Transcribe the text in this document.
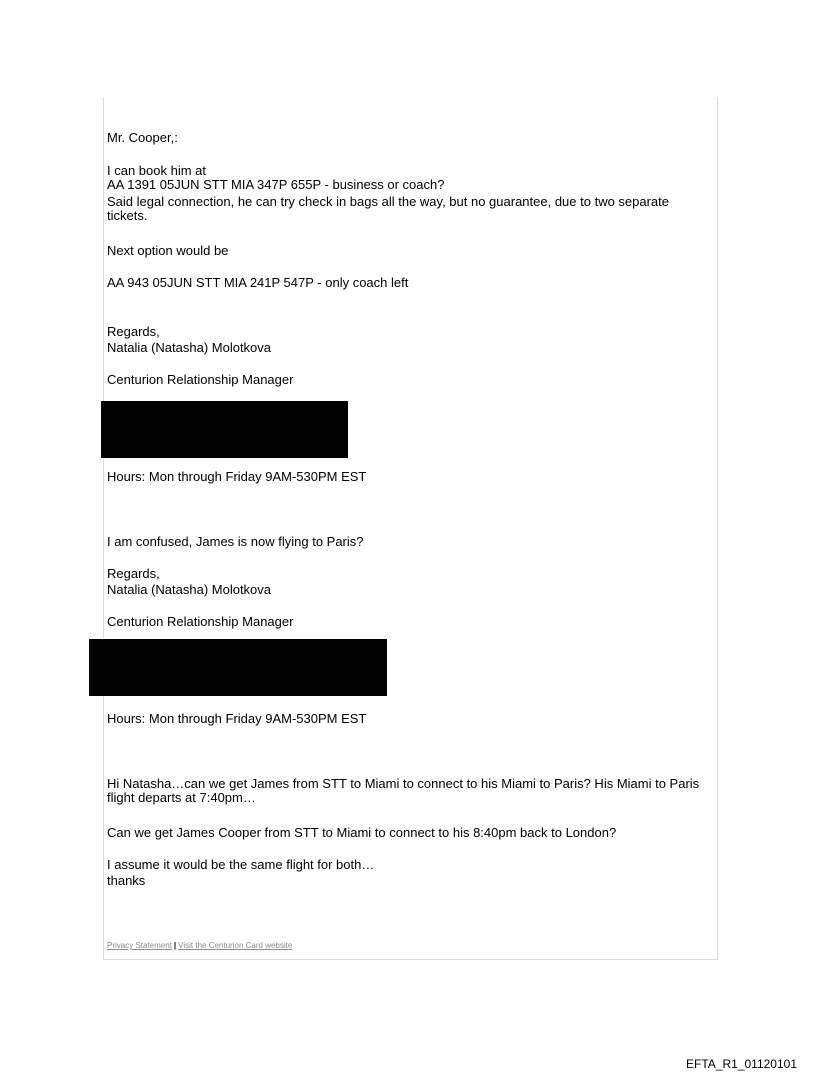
Mr. Cooper,:

I can book him at

AA 1391 05JUN STT MIA 347P 655P - business or coach?

Said legal connection, he can try check in bags all the way, but no guarantee, due to two separate tickets.

Next option would be

AA 943 05JUN STT MIA 241P 547P - only coach left

Regards,

Natalia (Natasha) Molotkova

Centurion Relationship Manager

Hours: Mon through Friday 9AM-530PM EST

I am confused, James is now flying to Paris?

Regards,

Natalia (Natasha) Molotkova

Centurion Relationship Manager

Hours: Mon through Friday 9AM-530PM EST

Hi Natasha…can we get James from STT to Miami to connect to his Miami to Paris? His Miami to Paris flight departs at 7:40pm…

Can we get James Cooper from STT to Miami to connect to his 8:40pm back to London?

I assume it would be the same flight for both…

thanks

Privacy Statement | Visit the Centurion Card website
EFTA_R1_01120101
